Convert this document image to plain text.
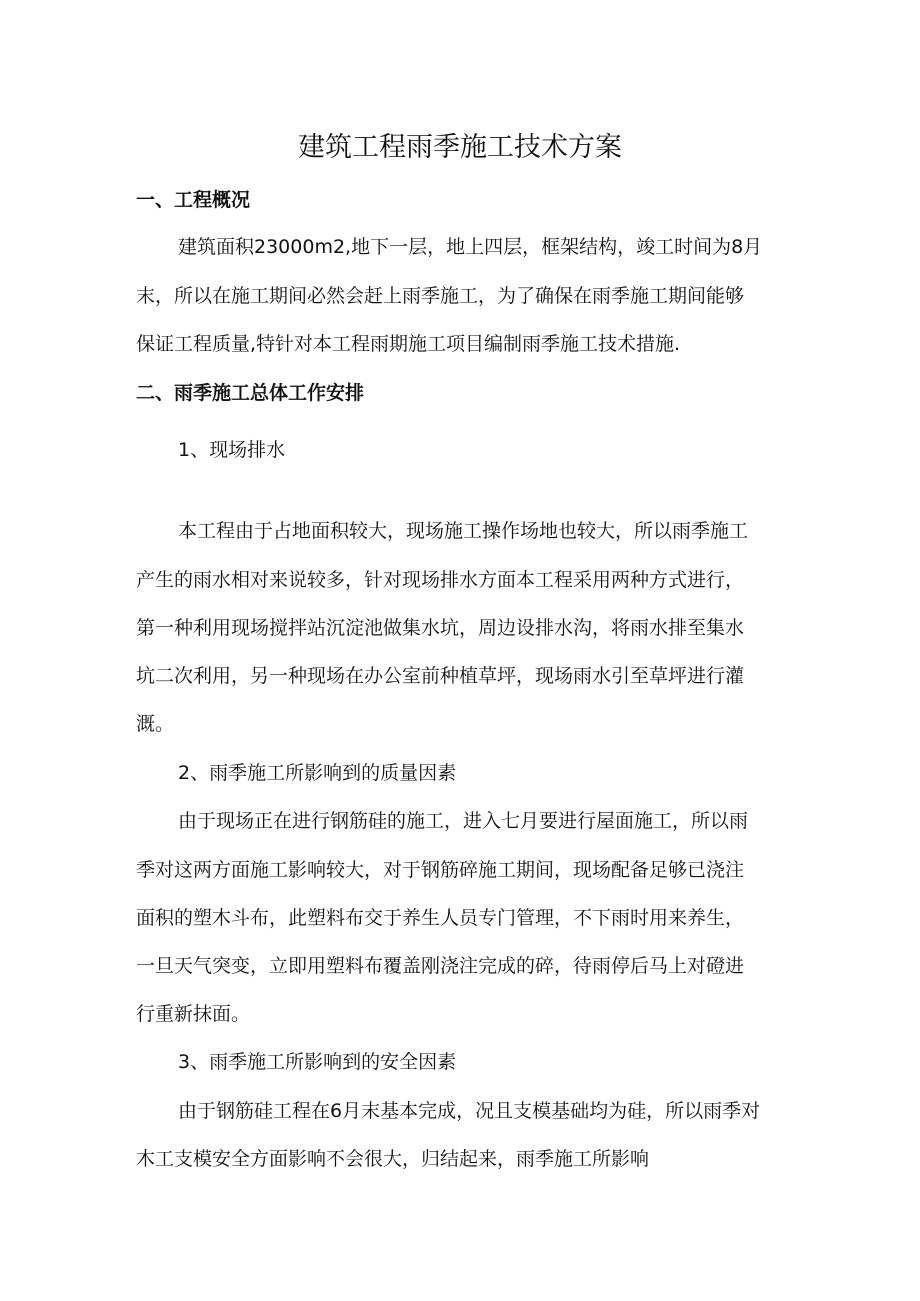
建筑工程雨季施工技术方案
一、工程概况
建筑面积23000m2,地下一层，地上四层，框架结构，竣工时间为8月
末，所以在施工期间必然会赶上雨季施工，为了确保在雨季施工期间能够
保证工程质量,特针对本工程雨期施工项目编制雨季施工技术措施.
二、雨季施工总体工作安排
1、现场排水
本工程由于占地面积较大，现场施工操作场地也较大，所以雨季施工
产生的雨水相对来说较多，针对现场排水方面本工程采用两种方式进行，
第一种利用现场搅拌站沉淀池做集水坑，周边设排水沟，将雨水排至集水
坑二次利用，另一种现场在办公室前种植草坪，现场雨水引至草坪进行灌
溉。
2、雨季施工所影响到的质量因素
由于现场正在进行钢筋硅的施工，进入七月要进行屋面施工，所以雨
季对这两方面施工影响较大，对于钢筋碎施工期间，现场配备足够已浇注
面积的塑木斗布，此塑料布交于养生人员专门管理，不下雨时用来养生，
一旦天气突变，立即用塑料布覆盖刚浇注完成的碎，待雨停后马上对磴进
行重新抹面。
3、雨季施工所影响到的安全因素
由于钢筋硅工程在6月末基本完成，况且支模基础均为硅，所以雨季对
木工支模安全方面影响不会很大，归结起来，雨季施工所影响
